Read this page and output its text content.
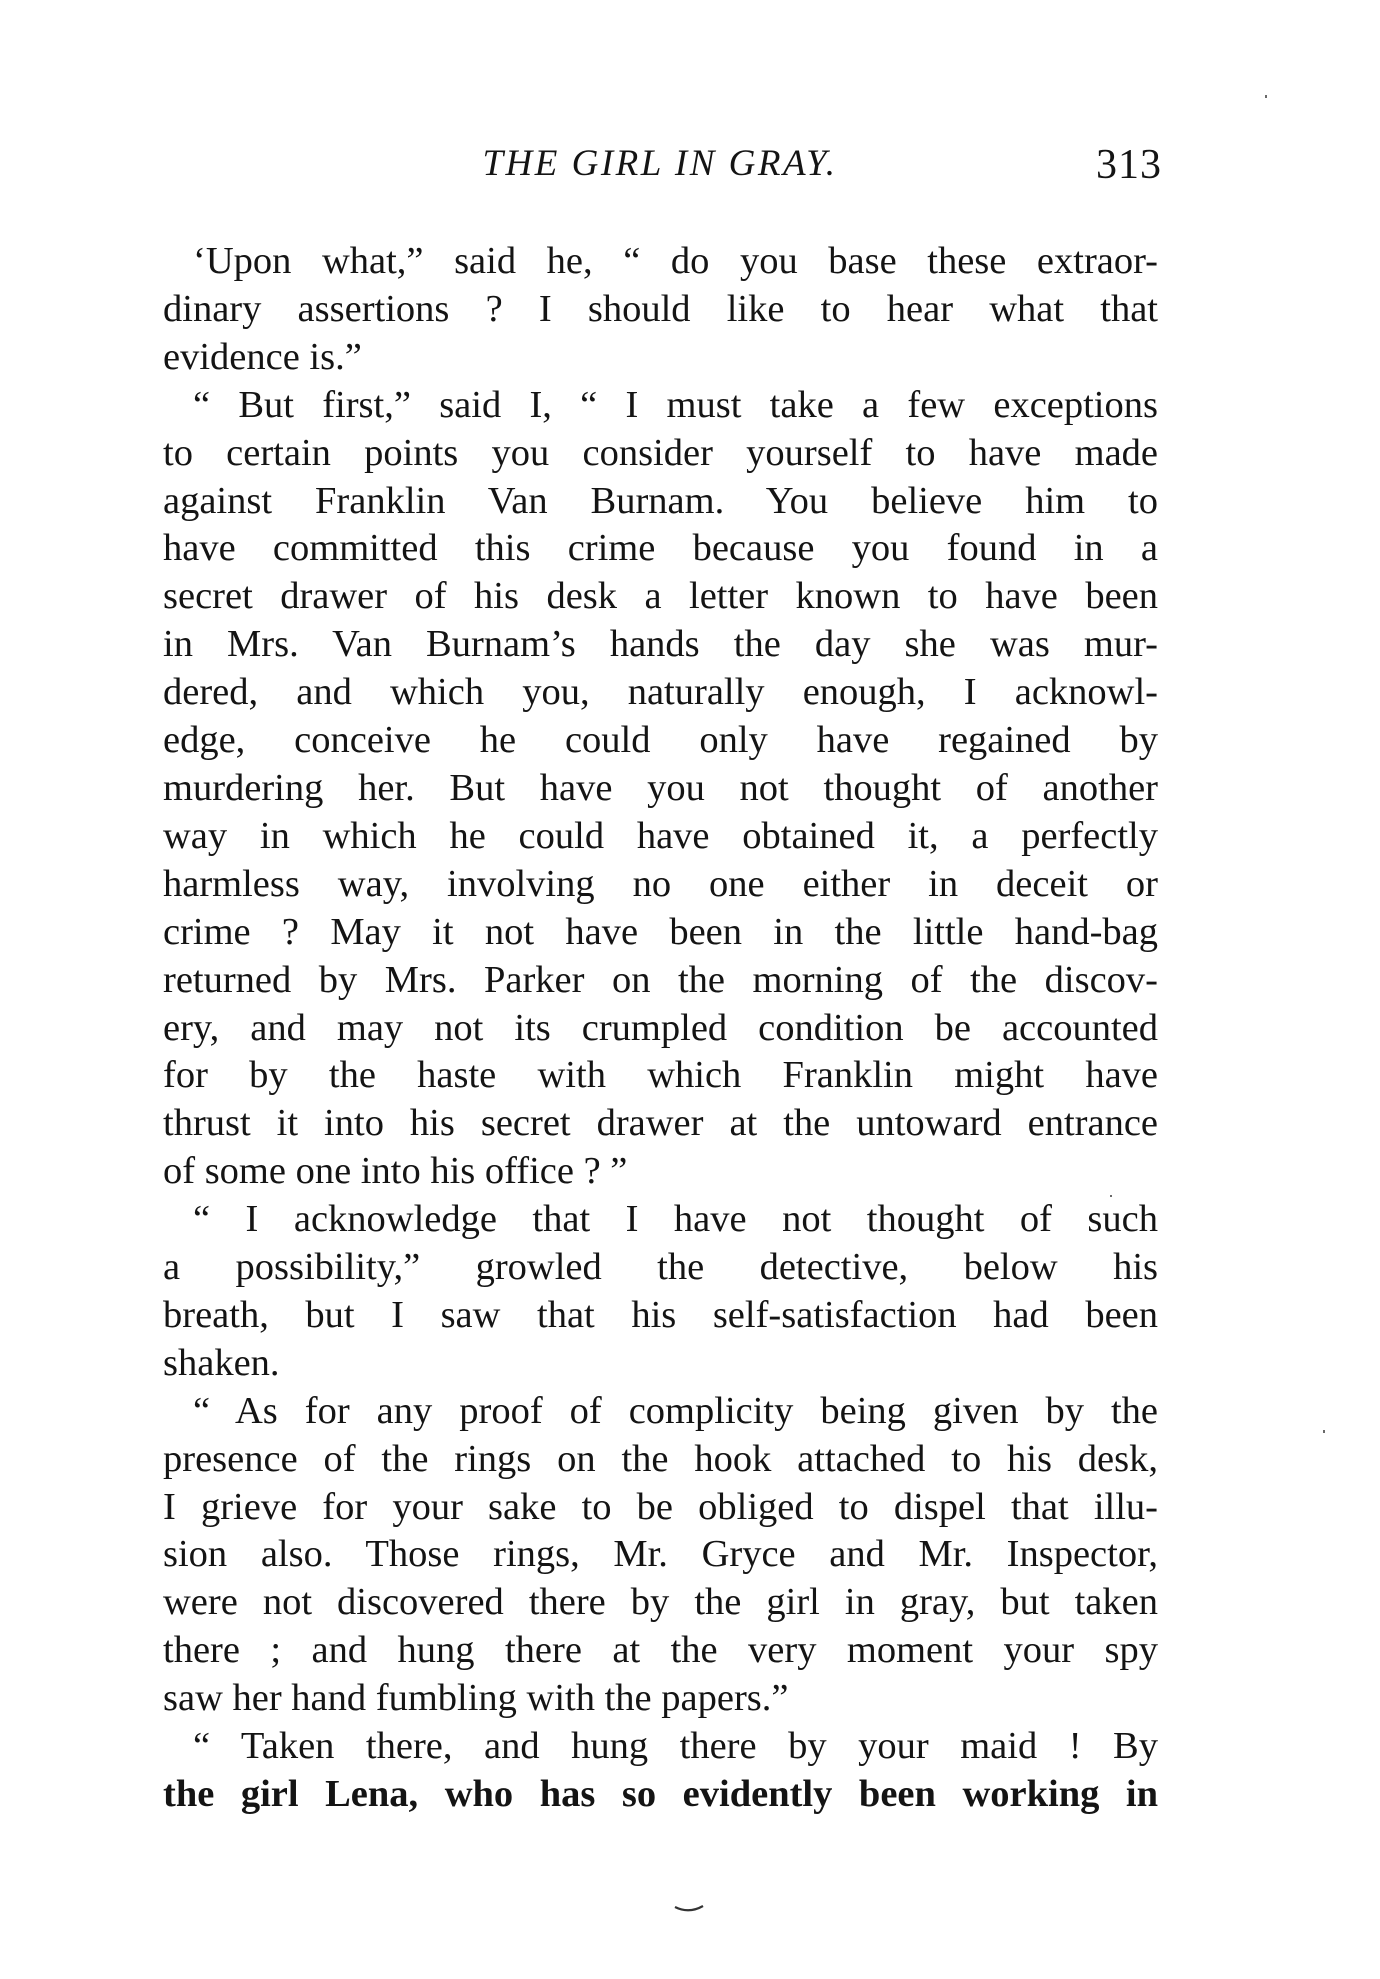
THE GIRL IN GRAY.	313
‘Upon what,” said he, “ do you base these extraor-
dinary assertions ? I should like to hear what that
evidence is.”
“ But first,” said I, “ I must take a few exceptions
to certain points you consider yourself to have made
against Franklin Van Burnam. You believe him to
have committed this crime because you found in a
secret drawer of his desk a letter known to have been
in Mrs. Van Burnam’s hands the day she was mur-
dered, and which you, naturally enough, I acknowl-
edge, conceive he could only have regained by
murdering her. But have you not thought of another
way in which he could have obtained it, a perfectly
harmless way, involving no one either in deceit or
crime ? May it not have been in the little hand-bag
returned by Mrs. Parker on the morning of the discov-
ery, and may not its crumpled condition be accounted
for by the haste with which Franklin might have
thrust it into his secret drawer at the untoward entrance
of some one into his office ? ”
“ I acknowledge that I have not thought of such
a possibility,” growled the detective, below his
breath, but I saw that his self-satisfaction had been
shaken.
“ As for any proof of complicity being given by the
presence of the rings on the hook attached to his desk,
I grieve for your sake to be obliged to dispel that illu-
sion also. Those rings, Mr. Gryce and Mr. Inspector,
were not discovered there by the girl in gray, but taken
there ; and hung there at the very moment your spy
saw her hand fumbling with the papers.”
“ Taken there, and hung there by your maid ! By
the girl Lena, who has so evidently been working in
